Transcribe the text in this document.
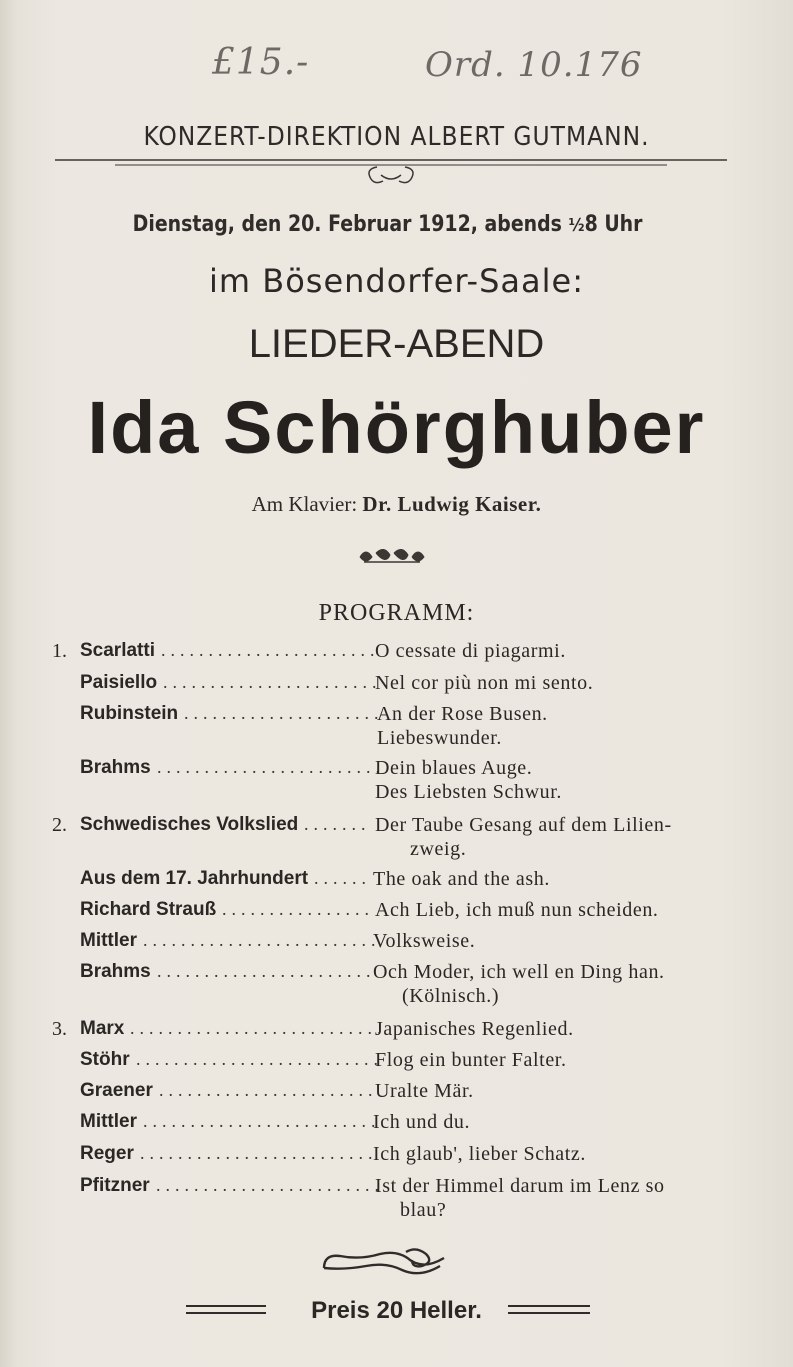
£15.-	Ord. 10.176
KONZERT-DIREKTION ALBERT GUTMANN.
Dienstag, den 20. Februar 1912, abends ½8 Uhr
im Bösendorfer-Saale:
LIEDER-ABEND
Ida Schörghuber
Am Klavier: Dr. Ludwig Kaiser.
PROGRAMM:
1. Scarlatti .......................
O cessate di piagarmi.
Paisiello .......................
Nel cor più non mi sento.
Rubinstein .....................
An der Rose Busen.
Liebeswunder.
Brahms ........................
Dein blaues Auge.
Des Liebsten Schwur.
2. Schwedisches Volkslied ....... Der Taube Gesang auf dem Lilien-
zweig.
Aus dem 17. Jahrhundert ...... The oak and the ash.
Richard Strauß ................ Ach Lieb, ich muß nun scheiden.
Mittler .........................
Volksweise.
Brahms .......................
Och Moder, ich well en Ding han.
(Kölnisch.)
3. Marx ...........................
Japanisches Regenlied.
Stöhr ..........................
Flog ein bunter Falter.
Graener .......................
Uralte Mär.
Mittler .........................
Ich und du.
Reger .........................
Ich glaub', lieber Schatz.
Pfitzner ........................
Ist der Himmel darum im Lenz so
blau?
Preis 20 Heller.
